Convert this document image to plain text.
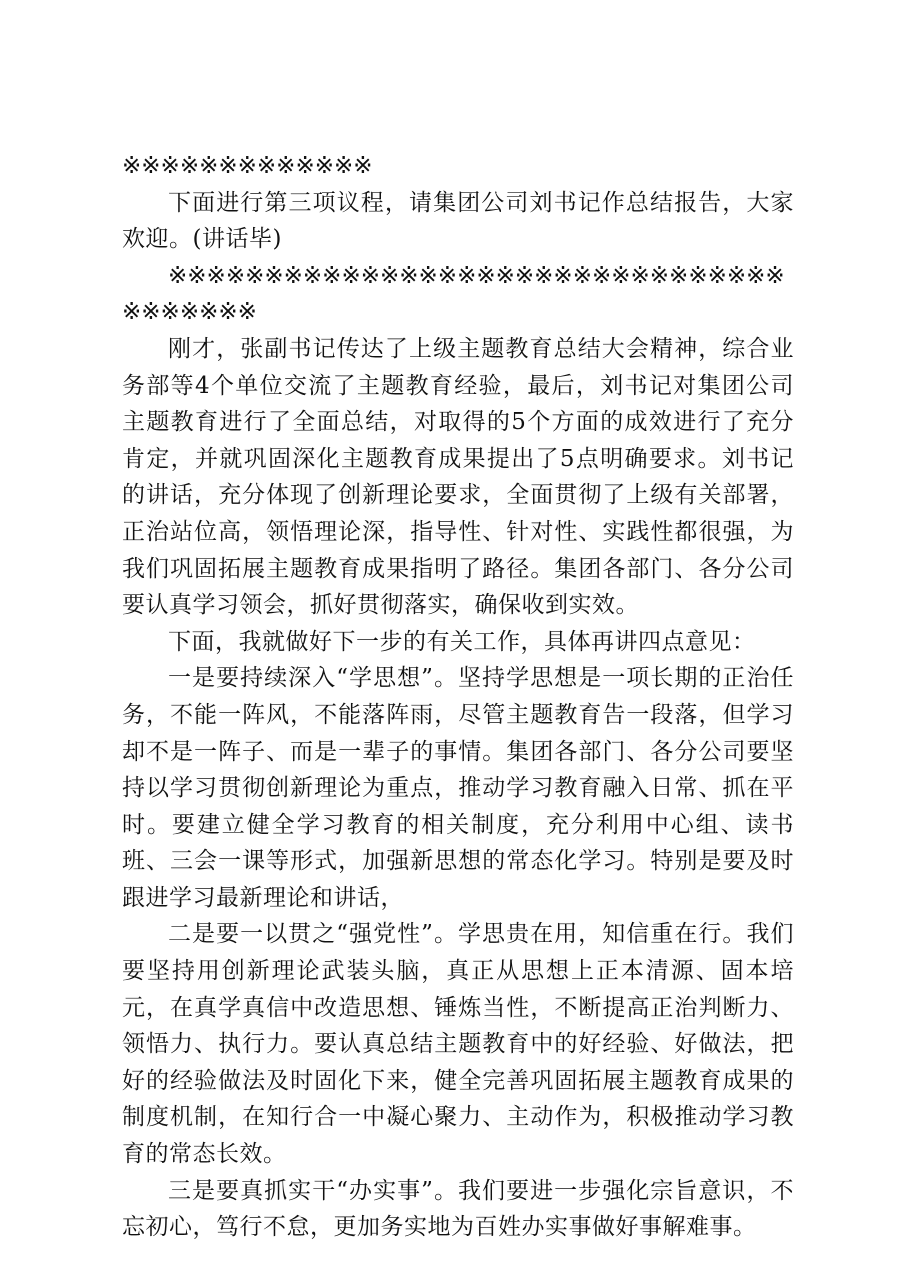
※※※※※※※※※※※※※

下面进行第三项议程，请集团公司刘书记作总结报告，大家欢迎。(讲话毕)

※※※※※※※※※※※※※※※※※※※※※※※※※※※※※※※※※※※※※※※

刚才，张副书记传达了上级主题教育总结大会精神，综合业务部等4个单位交流了主题教育经验，最后，刘书记对集团公司主题教育进行了全面总结，对取得的5个方面的成效进行了充分肯定，并就巩固深化主题教育成果提出了5点明确要求。刘书记的讲话，充分体现了创新理论要求，全面贯彻了上级有关部署，正治站位高，领悟理论深，指导性、针对性、实践性都很强，为我们巩固拓展主题教育成果指明了路径。集团各部门、各分公司要认真学习领会，抓好贯彻落实，确保收到实效。

下面，我就做好下一步的有关工作，具体再讲四点意见：

一是要持续深入“学思想”。坚持学思想是一项长期的正治任务，不能一阵风，不能落阵雨，尽管主题教育告一段落，但学习却不是一阵子、而是一辈子的事情。集团各部门、各分公司要坚持以学习贯彻创新理论为重点，推动学习教育融入日常、抓在平时。要建立健全学习教育的相关制度，充分利用中心组、读书班、三会一课等形式，加强新思想的常态化学习。特别是要及时跟进学习最新理论和讲话，

二是要一以贯之“强党性”。学思贵在用，知信重在行。我们要坚持用创新理论武装头脑，真正从思想上正本清源、固本培元，在真学真信中改造思想、锤炼当性，不断提高正治判断力、领悟力、执行力。要认真总结主题教育中的好经验、好做法，把好的经验做法及时固化下来，健全完善巩固拓展主题教育成果的制度机制，在知行合一中凝心聚力、主动作为，积极推动学习教育的常态长效。

三是要真抓实干“办实事”。我们要进一步强化宗旨意识，不忘初心，笃行不怠，更加务实地为百姓办实事做好事解难事。
